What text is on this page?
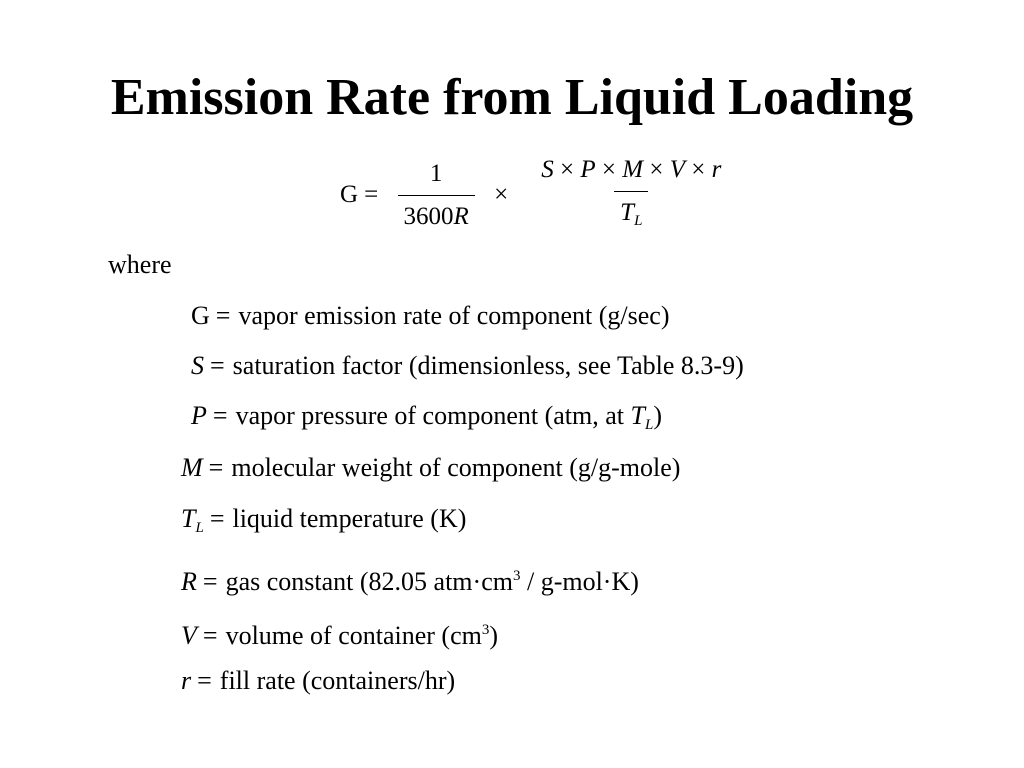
Emission Rate from Liquid Loading
$G = \frac{1}{3600R} \times \frac{S \times P \times M \times V \times r}{T_L}$
where
G = vapor emission rate of component (g/sec)
S = saturation factor (dimensionless, see Table 8.3-9)
P = vapor pressure of component (atm, at $T_L$)
M = molecular weight of component (g/g-mole)
$T_L$ = liquid temperature (K)
R = gas constant (82.05 $atm\cdot cm^3 / g-mol\cdot K$)
V = volume of container $(cm^3)$
r = fill rate (containers/hr)
